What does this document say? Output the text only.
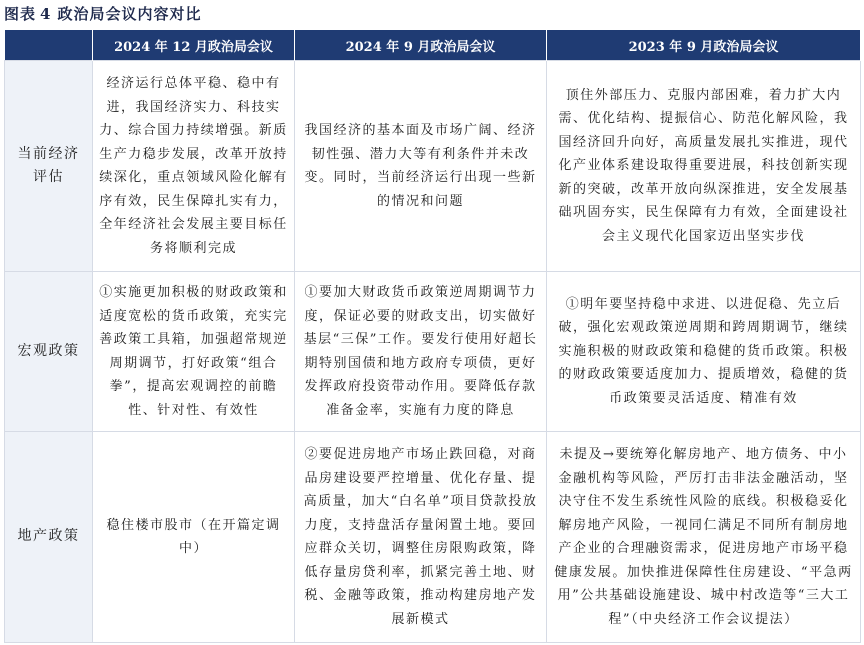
图表 4 政治局会议内容对比
	2024 年 12 月政治局会议	2024 年 9 月政治局会议	2023 年 9 月政治局会议
当前经济评估	经济运行总体平稳、稳中有进，我国经济实力、科技实力、综合国力持续增强。新质生产力稳步发展，改革开放持续深化，重点领域风险化解有序有效，民生保障扎实有力，全年经济社会发展主要目标任务将顺利完成	我国经济的基本面及市场广阔、经济韧性强、潜力大等有利条件并未改变。同时，当前经济运行出现一些新的情况和问题	顶住外部压力、克服内部困难，着力扩大内需、优化结构、提振信心、防范化解风险，我国经济回升向好，高质量发展扎实推进，现代化产业体系建设取得重要进展，科技创新实现新的突破，改革开放向纵深推进，安全发展基础巩固夯实，民生保障有力有效，全面建设社会主义现代化国家迈出坚实步伐
宏观政策	①实施更加积极的财政政策和适度宽松的货币政策，充实完善政策工具箱，加强超常规逆周期调节，打好政策“组合拳”，提高宏观调控的前瞻性、针对性、有效性	①要加大财政货币政策逆周期调节力度，保证必要的财政支出，切实做好基层“三保”工作。要发行使用好超长期特别国债和地方政府专项债，更好发挥政府投资带动作用。要降低存款准备金率，实施有力度的降息	①明年要坚持稳中求进、以进促稳、先立后破，强化宏观政策逆周期和跨周期调节，继续实施积极的财政政策和稳健的货币政策。积极的财政政策要适度加力、提质增效，稳健的货币政策要灵活适度、精准有效
地产政策	稳住楼市股市（在开篇定调中）	②要促进房地产市场止跌回稳，对商品房建设要严控增量、优化存量、提高质量，加大“白名单”项目贷款投放力度，支持盘活存量闲置土地。要回应群众关切，调整住房限购政策，降低存量房贷利率，抓紧完善土地、财税、金融等政策，推动构建房地产发展新模式	未提及→要统筹化解房地产、地方债务、中小金融机构等风险，严厉打击非法金融活动，坚决守住不发生系统性风险的底线。积极稳妥化解房地产风险，一视同仁满足不同所有制房地产企业的合理融资需求，促进房地产市场平稳健康发展。加快推进保障性住房建设、“平急两用”公共基础设施建设、城中村改造等“三大工程”（中央经济工作会议提法）
